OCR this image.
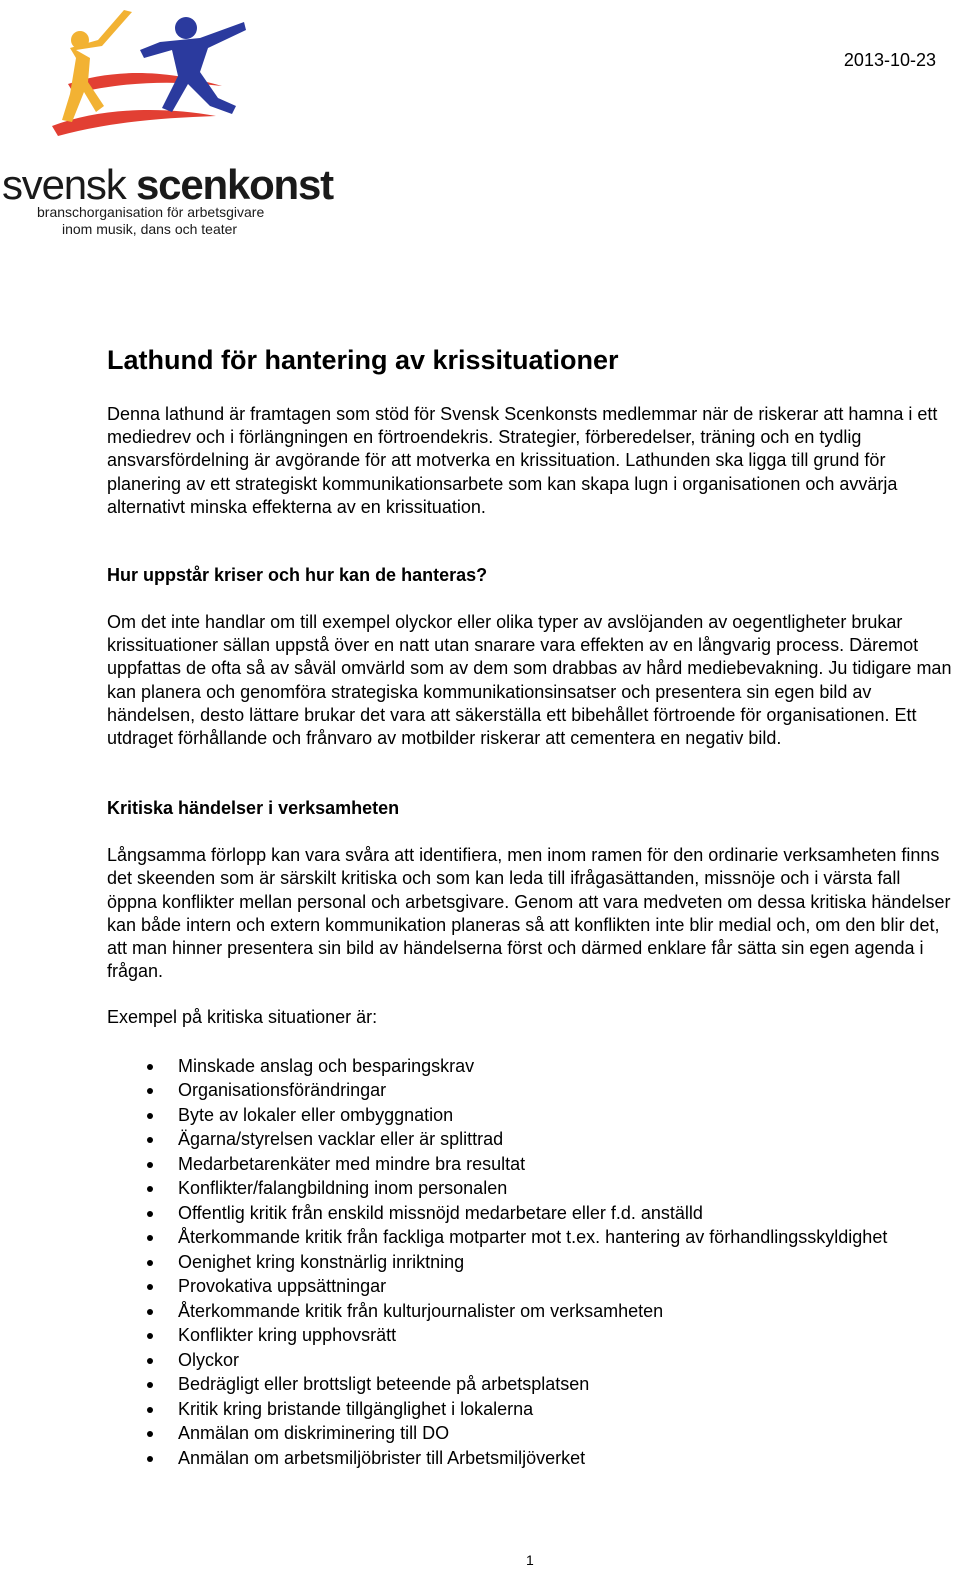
svensk scenkonst
branschorganisation för arbetsgivare
inom musik, dans och teater
2013-10-23
Lathund för hantering av krissituationer

Denna lathund är framtagen som stöd för Svensk Scenkonsts medlemmar när de riskerar att hamna i ett mediedrev och i förlängningen en förtroendekris. Strategier, förberedelser, träning och en tydlig ansvarsfördelning är avgörande för att motverka en krissituation. Lathunden ska ligga till grund för planering av ett strategiskt kommunikationsarbete som kan skapa lugn i organisationen och avvärja alternativt minska effekterna av en krissituation.

Hur uppstår kriser och hur kan de hanteras?

Om det inte handlar om till exempel olyckor eller olika typer av avslöjanden av oegentligheter brukar krissituationer sällan uppstå över en natt utan snarare vara effekten av en långvarig process. Däremot uppfattas de ofta så av såväl omvärld som av dem som drabbas av hård mediebevakning. Ju tidigare man kan planera och genomföra strategiska kommunikationsinsatser och presentera sin egen bild av händelsen, desto lättare brukar det vara att säkerställa ett bibehållet förtroende för organisationen. Ett utdraget förhållande och frånvaro av motbilder riskerar att cementera en negativ bild.

Kritiska händelser i verksamheten

Långsamma förlopp kan vara svåra att identifiera, men inom ramen för den ordinarie verksamheten finns det skeenden som är särskilt kritiska och som kan leda till ifrågasättanden, missnöje och i värsta fall öppna konflikter mellan personal och arbetsgivare. Genom att vara medveten om dessa kritiska händelser kan både intern och extern kommunikation planeras så att konflikten inte blir medial och, om den blir det, att man hinner presentera sin bild av händelserna först och därmed enklare får sätta sin egen agenda i frågan.

Exempel på kritiska situationer är:

Minskade anslag och besparingskrav
Organisationsförändringar
Byte av lokaler eller ombyggnation
Ägarna/styrelsen vacklar eller är splittrad
Medarbetarenkäter med mindre bra resultat
Konflikter/falangbildning inom personalen
Offentlig kritik från enskild missnöjd medarbetare eller f.d. anställd
Återkommande kritik från fackliga motparter mot t.ex. hantering av förhandlingsskyldighet
Oenighet kring konstnärlig inriktning
Provokativa uppsättningar
Återkommande kritik från kulturjournalister om verksamheten
Konflikter kring upphovsrätt
Olyckor
Bedrägligt eller brottsligt beteende på arbetsplatsen
Kritik kring bristande tillgänglighet i lokalerna
Anmälan om diskriminering till DO
Anmälan om arbetsmiljöbrister till Arbetsmiljöverket
1
